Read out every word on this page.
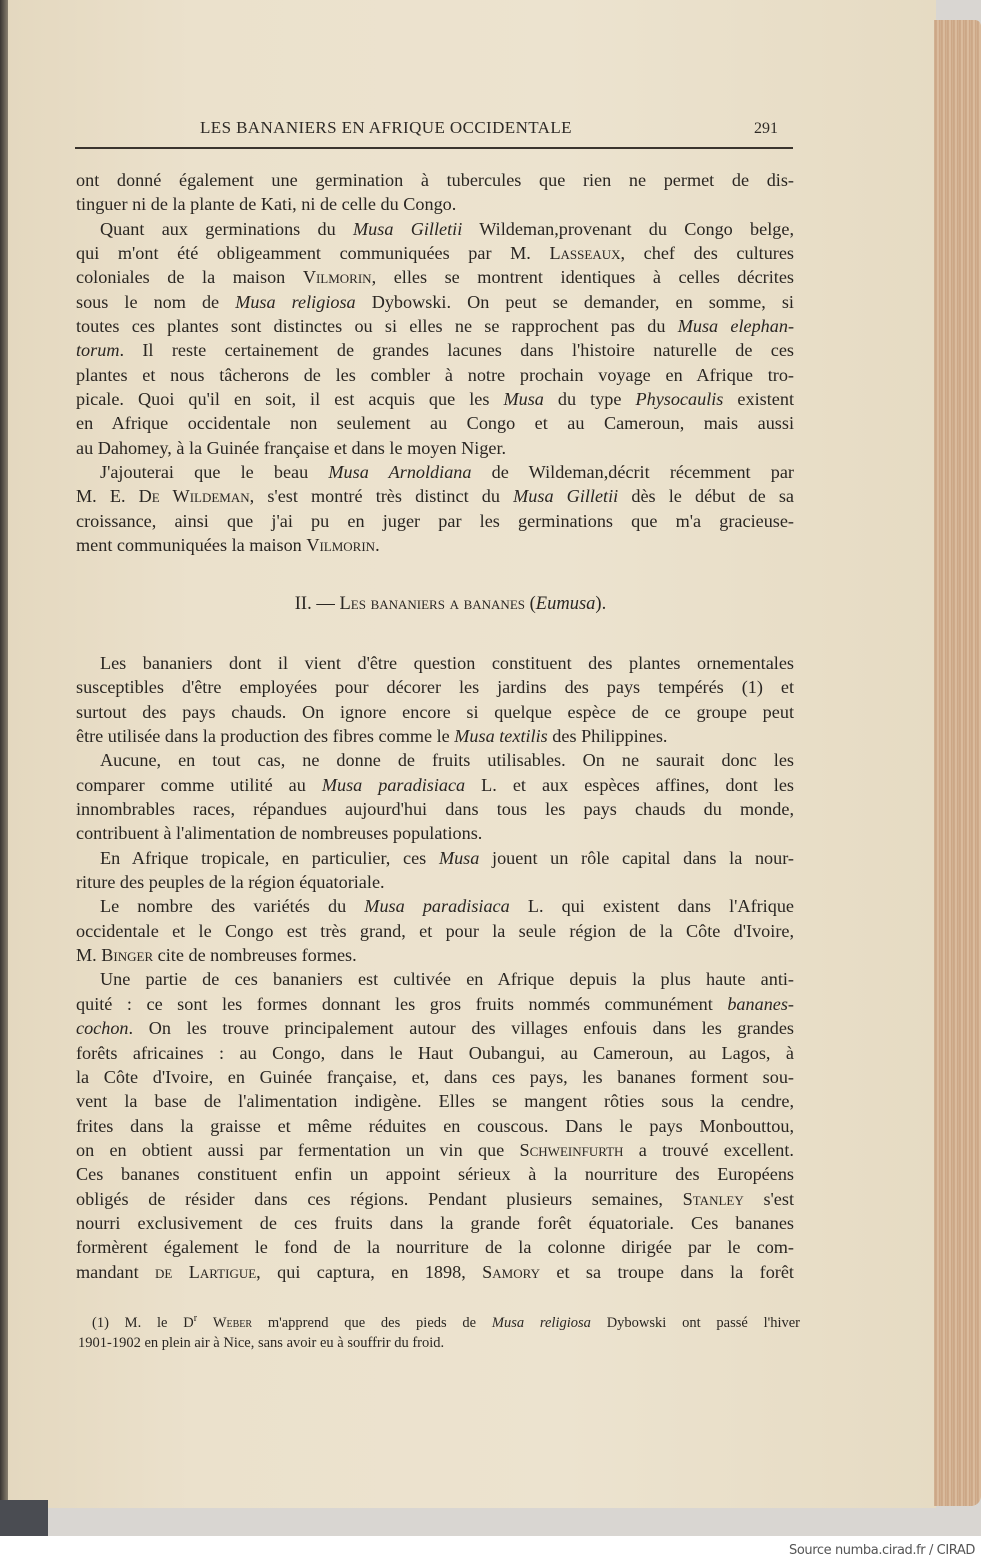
LES BANANIERS EN AFRIQUE OCCIDENTALE	291
ont donné également une germination à tubercules que rien ne permet de dis-
tinguer ni de la plante de Kati, ni de celle du Congo.
Quant aux germinations du Musa Gilletii Wildeman,provenant du Congo belge,
qui m'ont été obligeamment communiquées par M. Lasseaux, chef des cultures
coloniales de la maison Vilmorin, elles se montrent identiques à celles décrites
sous le nom de Musa religiosa Dybowski. On peut se demander, en somme, si
toutes ces plantes sont distinctes ou si elles ne se rapprochent pas du Musa elephan-
torum. Il reste certainement de grandes lacunes dans l'histoire naturelle de ces
plantes et nous tâcherons de les combler à notre prochain voyage en Afrique tro-
picale. Quoi qu'il en soit, il est acquis que les Musa du type Physocaulis existent
en Afrique occidentale non seulement au Congo et au Cameroun, mais aussi
au Dahomey, à la Guinée française et dans le moyen Niger.
J'ajouterai que le beau Musa Arnoldiana de Wildeman,décrit récemment par
M. E. De Wildeman, s'est montré très distinct du Musa Gilletii dès le début de sa
croissance, ainsi que j'ai pu en juger par les germinations que m'a gracieuse-
ment communiquées la maison Vilmorin.
II. — Les bananiers a bananes (Eumusa).
Les bananiers dont il vient d'être question constituent des plantes ornementales
susceptibles d'être employées pour décorer les jardins des pays tempérés (1) et
surtout des pays chauds. On ignore encore si quelque espèce de ce groupe peut
être utilisée dans la production des fibres comme le Musa textilis des Philippines.
Aucune, en tout cas, ne donne de fruits utilisables. On ne saurait donc les
comparer comme utilité au Musa paradisiaca L. et aux espèces affines, dont les
innombrables races, répandues aujourd'hui dans tous les pays chauds du monde,
contribuent à l'alimentation de nombreuses populations.
En Afrique tropicale, en particulier, ces Musa jouent un rôle capital dans la nour-
riture des peuples de la région équatoriale.
Le nombre des variétés du Musa paradisiaca L. qui existent dans l'Afrique
occidentale et le Congo est très grand, et pour la seule région de la Côte d'Ivoire,
M. Binger cite de nombreuses formes.
Une partie de ces bananiers est cultivée en Afrique depuis la plus haute anti-
quité : ce sont les formes donnant les gros fruits nommés communément bananes-
cochon. On les trouve principalement autour des villages enfouis dans les grandes
forêts africaines : au Congo, dans le Haut Oubangui, au Cameroun, au Lagos, à
la Côte d'Ivoire, en Guinée française, et, dans ces pays, les bananes forment sou-
vent la base de l'alimentation indigène. Elles se mangent rôties sous la cendre,
frites dans la graisse et même réduites en couscous. Dans le pays Monbouttou,
on en obtient aussi par fermentation un vin que Schweinfurth a trouvé excellent.
Ces bananes constituent enfin un appoint sérieux à la nourriture des Européens
obligés de résider dans ces régions. Pendant plusieurs semaines, Stanley s'est
nourri exclusivement de ces fruits dans la grande forêt équatoriale. Ces bananes
formèrent également le fond de la nourriture de la colonne dirigée par le com-
mandant de Lartigue, qui captura, en 1898, Samory et sa troupe dans la forêt
(1) M. le $D^r$ Weber m'apprend que des pieds de Musa religiosa Dybowski ont passé l'hiver
1901-1902 en plein air à Nice, sans avoir eu à souffrir du froid.
Source numba.cirad.fr / CIRAD
